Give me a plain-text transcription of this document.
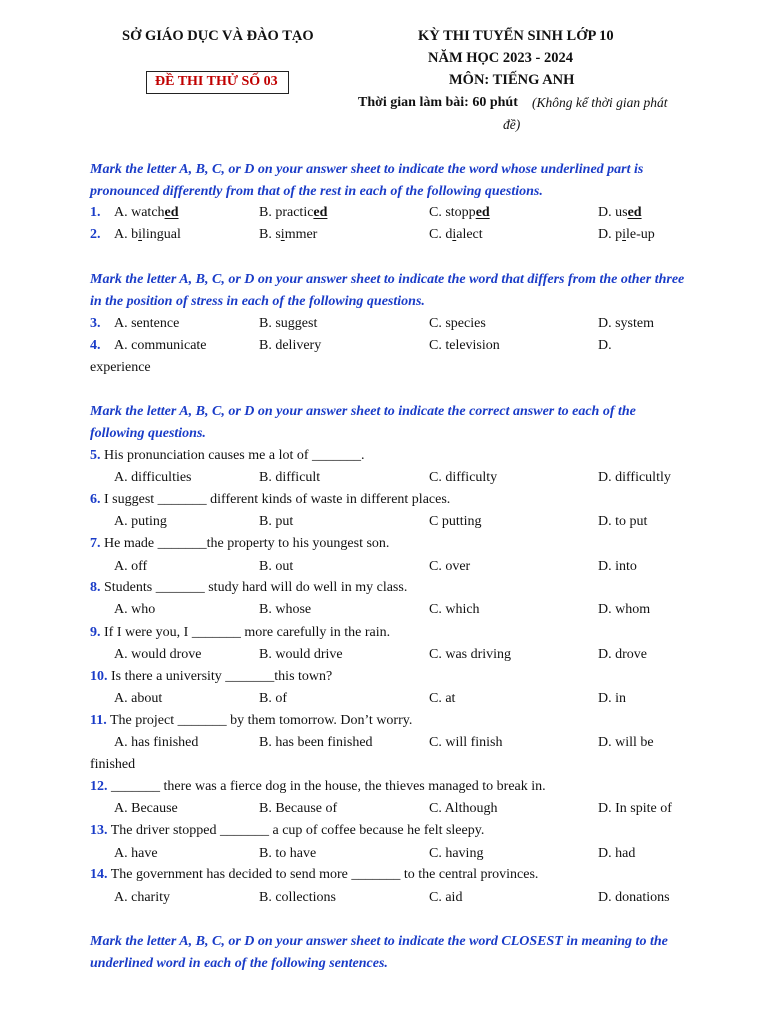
SỞ GIÁO DỤC VÀ ĐÀO TẠO
ĐỀ THI THỬ SỐ 03
KỲ THI TUYỂN SINH LỚP 10
NĂM HỌC 2023 - 2024
MÔN: TIẾNG ANH
Thời gian làm bài: 60 phút (Không kể thời gian phát
đề)
Mark the letter A, B, C, or D on your answer sheet to indicate the word whose underlined part is pronounced differently from that of the rest in each of the following questions.
1. A. watched	B. practiced	C. stopped	D. used
2. A. bilingual	B. simmer	C. dialect	D. pile-up
Mark the letter A, B, C, or D on your answer sheet to indicate the word that differs from the other three in the position of stress in each of the following questions.
3. A. sentence	B. suggest	C. species	D. system
4. A. communicate	B. delivery	C. television	D.
experience
Mark the letter A, B, C, or D on your answer sheet to indicate the correct answer to each of the following questions.
5. His pronunciation causes me a lot of _______.
A. difficulties	B. difficult	C. difficulty	D. difficultly
6. I suggest _______ different kinds of waste in different places.
A. puting	B. put	C putting	D. to put
7. He made _______the property to his youngest son.
A. off	B. out	C. over	D. into
8. Students _______ study hard will do well in my class.
A. who	B. whose	C. which	D. whom
9. If I were you, I _______ more carefully in the rain.
A. would drove	B. would drive	C. was driving	D. drove
10. Is there a university _______this town?
A. about	B. of	C. at	D. in
11. The project _______ by them tomorrow. Don’t worry.
A. has finished	B. has been finished	C. will finish	D. will be
finished
12. _______ there was a fierce dog in the house, the thieves managed to break in.
A. Because	B. Because of	C. Although	D. In spite of
13. The driver stopped _______ a cup of coffee because he felt sleepy.
A. have	B. to have	C. having	D. had
14. The government has decided to send more _______ to the central provinces.
A. charity	B. collections	C. aid	D. donations
Mark the letter A, B, C, or D on your answer sheet to indicate the word CLOSEST in meaning to the underlined word in each of the following sentences.
